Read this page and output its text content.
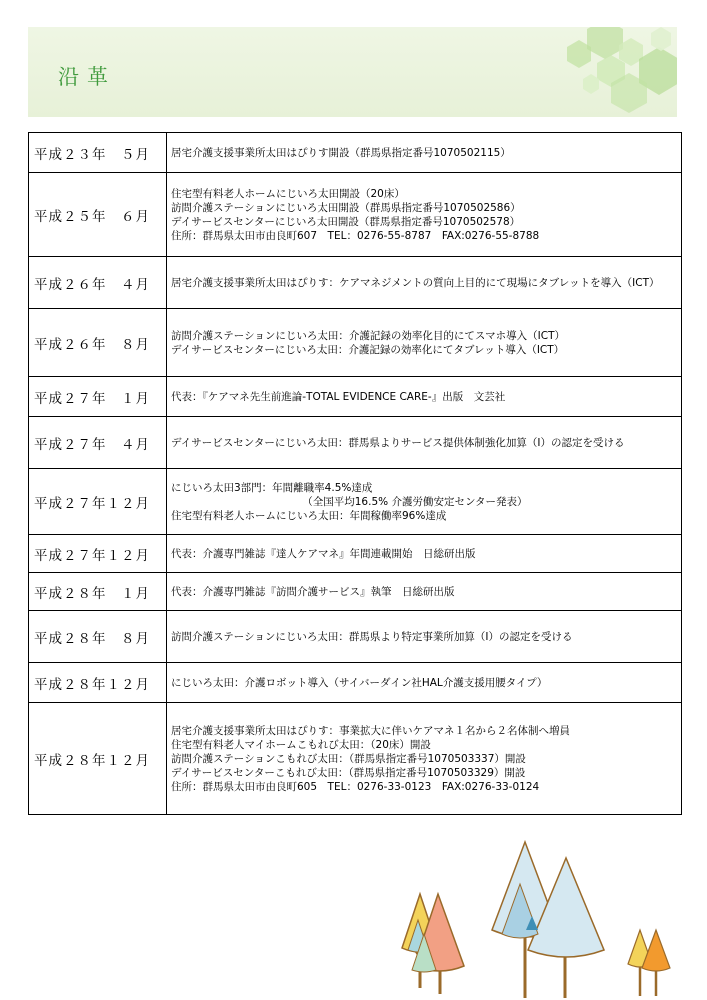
沿革
平成２３年　５月	居宅介護支援事業所太田はぴりす開設（群馬県指定番号1070502115）

平成２５年　６月	住宅型有料老人ホームにじいろ太田開設（20床）
訪問介護ステーションにじいろ太田開設（群馬県指定番号1070502586）
デイサービスセンターにじいろ太田開設（群馬県指定番号1070502578）
住所：群馬県太田市由良町607　TEL：0276-55-8787　FAX:0276-55-8788

平成２６年　４月	居宅介護支援事業所太田はぴりす：ケアマネジメントの質向上目的にて現場にタブレットを導入（ICT）

平成２６年　８月	訪問介護ステーションにじいろ太田：介護記録の効率化目的にてスマホ導入（ICT）
デイサービスセンターにじいろ太田：介護記録の効率化にてタブレット導入（ICT）

平成２７年　１月	代表：『ケアマネ先生前進論-TOTAL EVIDENCE CARE-』出版　文芸社

平成２７年　４月	デイサービスセンターにじいろ太田：群馬県よりサービス提供体制強化加算（Ⅰ）の認定を受ける

平成２７年１２月	にじいろ太田3部門：年間離職率4.5%達成
　　　　　　　　　　　　　（全国平均16.5% 介護労働安定センター発表）
住宅型有料老人ホームにじいろ太田：年間稼働率96%達成

平成２７年１２月	代表：介護専門雑誌『達人ケアマネ』年間連載開始　日総研出版

平成２８年　１月	代表：介護専門雑誌『訪問介護サービス』執筆　日総研出版

平成２８年　８月	訪問介護ステーションにじいろ太田：群馬県より特定事業所加算（Ⅰ）の認定を受ける

平成２８年１２月	にじいろ太田：介護ロボット導入（サイバーダイン社HAL介護支援用腰タイプ）

平成２８年１２月	居宅介護支援事業所太田はぴりす：事業拡大に伴いケアマネ１名から２名体制へ増員
住宅型有料老人マイホームこもれび太田：（20床）開設
訪問介護ステーションこもれび太田：（群馬県指定番号1070503337）開設
デイサービスセンターこもれび太田：（群馬県指定番号1070503329）開設
住所：群馬県太田市由良町605　TEL：0276-33-0123　FAX:0276-33-0124
